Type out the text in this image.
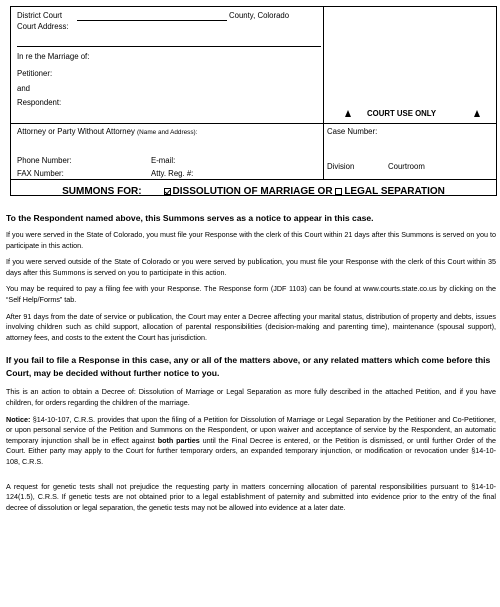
District Court	County, Colorado
Court Address:
In re the Marriage of:
Petitioner:
and
Respondent:
COURT USE ONLY
Attorney or Party Without Attorney (Name and Address):
Phone Number:	E-mail:
FAX Number:	Atty. Reg. #:
Case Number:
Division	Courtroom
SUMMONS FOR:	DISSOLUTION OF MARRIAGE OR LEGAL SEPARATION
To the Respondent named above, this Summons serves as a notice to appear in this case.
If you were served in the State of Colorado, you must file your Response with the clerk of this Court within 21 days after this Summons is served on you to participate in this action.
If you were served outside of the State of Colorado or you were served by publication, you must file your Response with the clerk of this Court within 35 days after this Summons is served on you to participate in this action.
You may be required to pay a filing fee with your Response. The Response form (JDF 1103) can be found at www.courts.state.co.us by clicking on the “Self Help/Forms” tab.
After 91 days from the date of service or publication, the Court may enter a Decree affecting your marital status, distribution of property and debts, issues involving children such as child support, allocation of parental responsibilities (decision-making and parenting time), maintenance (spousal support), attorney fees, and costs to the extent the Court has jurisdiction.
If you fail to file a Response in this case, any or all of the matters above, or any related matters which come before this Court, may be decided without further notice to you.
This is an action to obtain a Decree of: Dissolution of Marriage or Legal Separation as more fully described in the attached Petition, and if you have children, for orders regarding the children of the marriage.
Notice: §14-10-107, C.R.S. provides that upon the filing of a Petition for Dissolution of Marriage or Legal Separation by the Petitioner and Co-Petitioner, or upon personal service of the Petition and Summons on the Respondent, or upon waiver and acceptance of service by the Respondent, an automatic temporary injunction shall be in effect against both parties until the Final Decree is entered, or the Petition is dismissed, or until further Order of the Court. Either party may apply to the Court for further temporary orders, an expanded temporary injunction, or modification or revocation under §14-10-108, C.R.S.
A request for genetic tests shall not prejudice the requesting party in matters concerning allocation of parental responsibilities pursuant to §14-10-124(1.5), C.R.S. If genetic tests are not obtained prior to a legal establishment of paternity and submitted into evidence prior to the entry of the final decree of dissolution or legal separation, the genetic tests may not be allowed into evidence at a later date.
